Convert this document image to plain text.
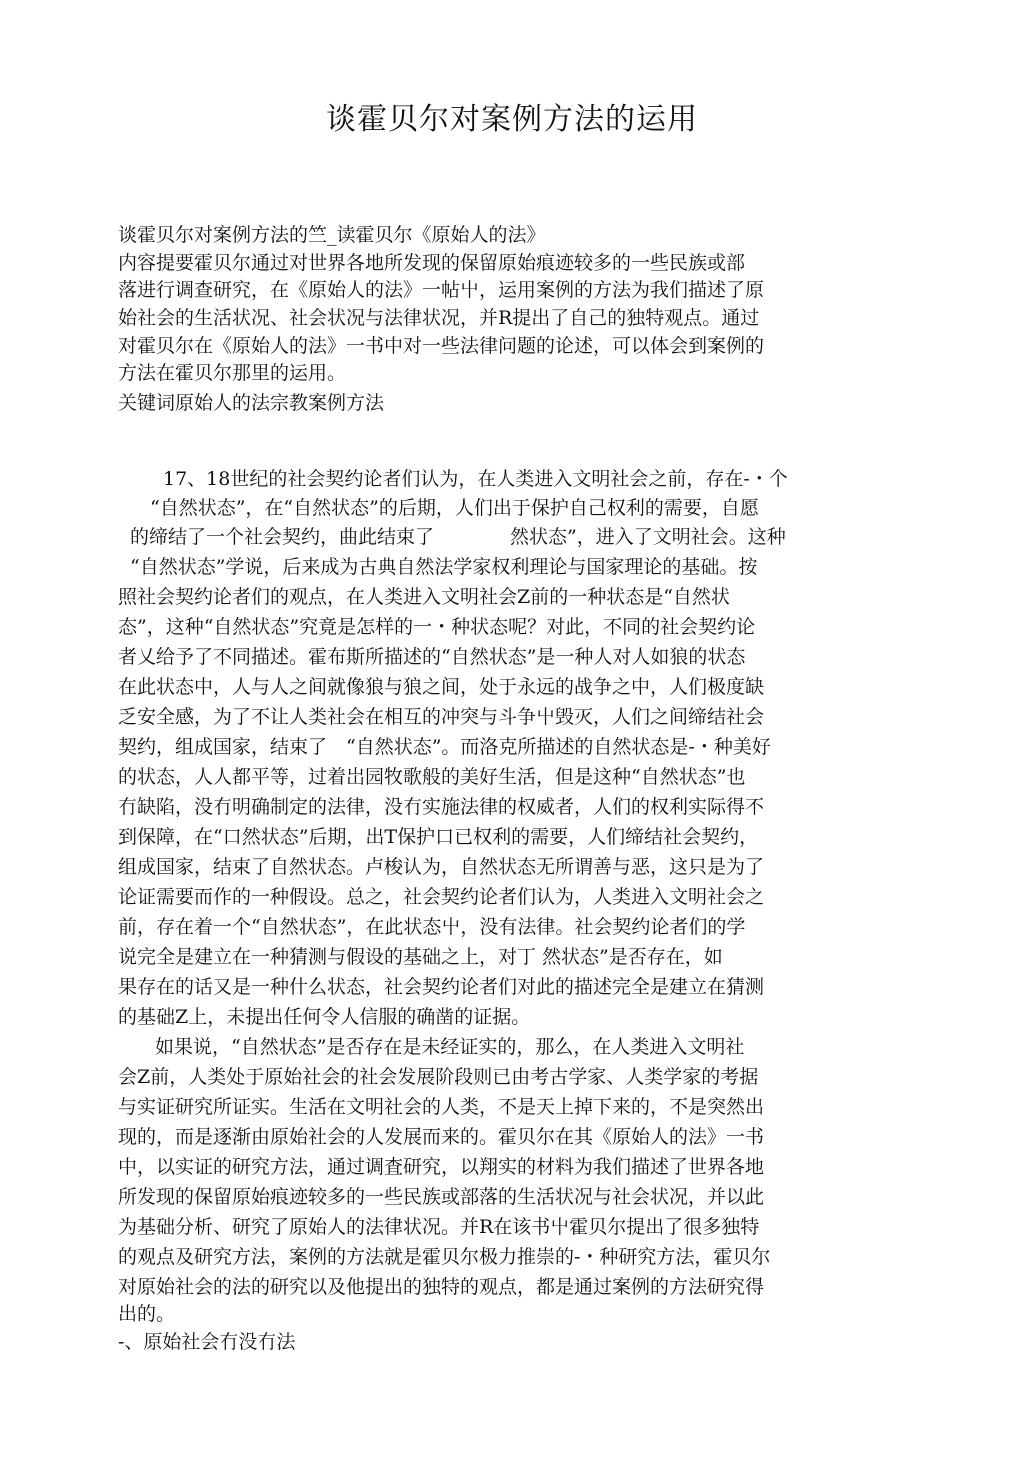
谈霍贝尔对案例方法的运用
谈霍贝尔对案例方法的竺_读霍贝尔《原始人的法》
内容提要霍贝尔通过对世界各地所发现的保留原始痕迹较多的一些民族或部
落进行调查研究，在《原始人的法》一帖屮，运用案例的方法为我们描述了原
始社会的生活状况、社会状况与法律状况，并R提出了自己的独特观点。通过
对霍贝尔在《原始人的法》一书中对一些法律问题的论述，可以体会到案例的
方法在霍贝尔那里的运用。
关键词原始人的法宗教案例方法
17、18世纪的社会契约论者们认为，在人类进入文明社会之前，存在-・个
“自然状态”，在“自然状态”的后期，人们出于保护自己权利的需要，自愿
的缔结了一个社会契约，曲此结束了　　　　然状态”，进入了文明社会。这种
“自然状态”学说，后来成为古典自然法学家权利理论与国家理论的基础。按
照社会契约论者们的观点，在人类进入文明社会Z前的一种状态是“自然状
态”，这种“自然状态”究竟是怎样的一・种状态呢？对此，不同的社会契约论
者乂给予了不同描述。霍布斯所描述的“自然状态”是一种人对人如狼的状态
在此状态中，人与人之间就像狼与狼之间，处于永远的战争之中，人们极度缺
乏安全感，为了不让人类社会在相互的冲突与斗争屮毁灭，人们之间缔结社会
契约，组成国家，结束了　“自然状态”。而洛克所描述的自然状态是-・种美好
的状态，人人都平等，过着岀园牧歌般的美好生活，但是这种“自然状态”也
冇缺陷，没冇明确制定的法律，没冇实施法律的权威者，人们的权利实际得不
到保障，在“口然状态”后期，出T保护口已权利的需要，人们缔结社会契约，
组成国家，结束了自然状态。卢梭认为，自然状态无所谓善与恶，这只是为了
论证需要而作的一种假设。总之，社会契约论者们认为，人类进入文明社会之
前，存在着一个“自然状态”，在此状态屮，没有法律。社会契约论者们的学
说完全是建立在一种猜测与假设的基础之上，对丁 然状态”是否存在，如
果存在的话又是一种什么状态，社会契约论者们对此的描述完全是建立在猜测
的基础Z上，未提出任何令人信服的确凿的证据。
如果说，“自然状态”是否存在是未经证实的，那么，在人类进入文明社
会Z前，人类处于原始社会的社会发展阶段则已由考古学家、人类学家的考据
与实证研究所证实。生活在文明社会的人类，不是天上掉下来的，不是突然出
现的，而是逐渐由原始社会的人发展而来的。霍贝尔在其《原始人的法》一书
中，以实证的研究方法，通过调査研究，以翔实的材料为我们描述了世界各地
所发现的保留原始痕迹较多的一些民族或部落的生活状况与社会状况，并以此
为基础分析、研究了原始人的法律状况。并R在该书屮霍贝尔提出了很多独特
的观点及研究方法，案例的方法就是霍贝尔极力推崇的-・种研究方法，霍贝尔
对原始社会的法的研究以及他提出的独特的观点，都是通过案例的方法研究得
出的。
-、原始社会冇没冇法
